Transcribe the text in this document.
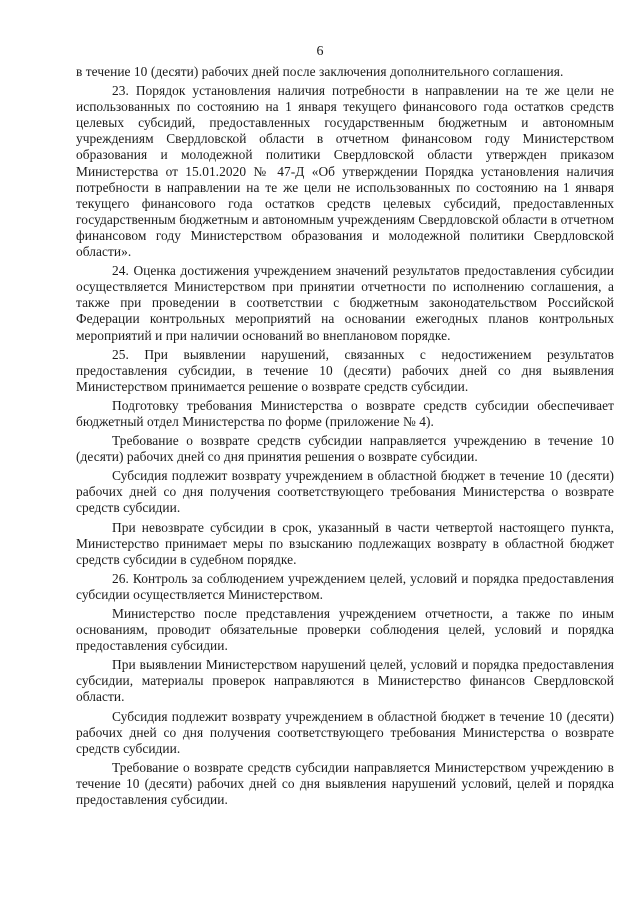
6

в течение 10 (десяти) рабочих дней после заключения дополнительного соглашения.

23. Порядок установления наличия потребности в направлении на те же цели не использованных по состоянию на 1 января текущего финансового года остатков средств целевых субсидий, предоставленных государственным бюджетным и автономным учреждениям Свердловской области в отчетном финансовом году Министерством образования и молодежной политики Свердловской области утвержден приказом Министерства от 15.01.2020 № 47-Д «Об утверждении Порядка установления наличия потребности в направлении на те же цели не использованных по состоянию на 1 января текущего финансового года остатков средств целевых субсидий, предоставленных государственным бюджетным и автономным учреждениям Свердловской области в отчетном финансовом году Министерством образования и молодежной политики Свердловской области».

24. Оценка достижения учреждением значений результатов предоставления субсидии осуществляется Министерством при принятии отчетности по исполнению соглашения, а также при проведении в соответствии с бюджетным законодательством Российской Федерации контрольных мероприятий на основании ежегодных планов контрольных мероприятий и при наличии оснований во внеплановом порядке.

25. При выявлении нарушений, связанных с недостижением результатов предоставления субсидии, в течение 10 (десяти) рабочих дней со дня выявления Министерством принимается решение о возврате средств субсидии.

Подготовку требования Министерства о возврате средств субсидии обеспечивает бюджетный отдел Министерства по форме (приложение № 4).

Требование о возврате средств субсидии направляется учреждению в течение 10 (десяти) рабочих дней со дня принятия решения о возврате субсидии.

Субсидия подлежит возврату учреждением в областной бюджет в течение 10 (десяти) рабочих дней со дня получения соответствующего требования Министерства о возврате средств субсидии.

При невозврате субсидии в срок, указанный в части четвертой настоящего пункта, Министерство принимает меры по взысканию подлежащих возврату в областной бюджет средств субсидии в судебном порядке.

26. Контроль за соблюдением учреждением целей, условий и порядка предоставления субсидии осуществляется Министерством.

Министерство после представления учреждением отчетности, а также по иным основаниям, проводит обязательные проверки соблюдения целей, условий и порядка предоставления субсидии.

При выявлении Министерством нарушений целей, условий и порядка предоставления субсидии, материалы проверок направляются в Министерство финансов Свердловской области.

Субсидия подлежит возврату учреждением в областной бюджет в течение 10 (десяти) рабочих дней со дня получения соответствующего требования Министерства о возврате средств субсидии.

Требование о возврате средств субсидии направляется Министерством учреждению в течение 10 (десяти) рабочих дней со дня выявления нарушений условий, целей и порядка предоставления субсидии.
